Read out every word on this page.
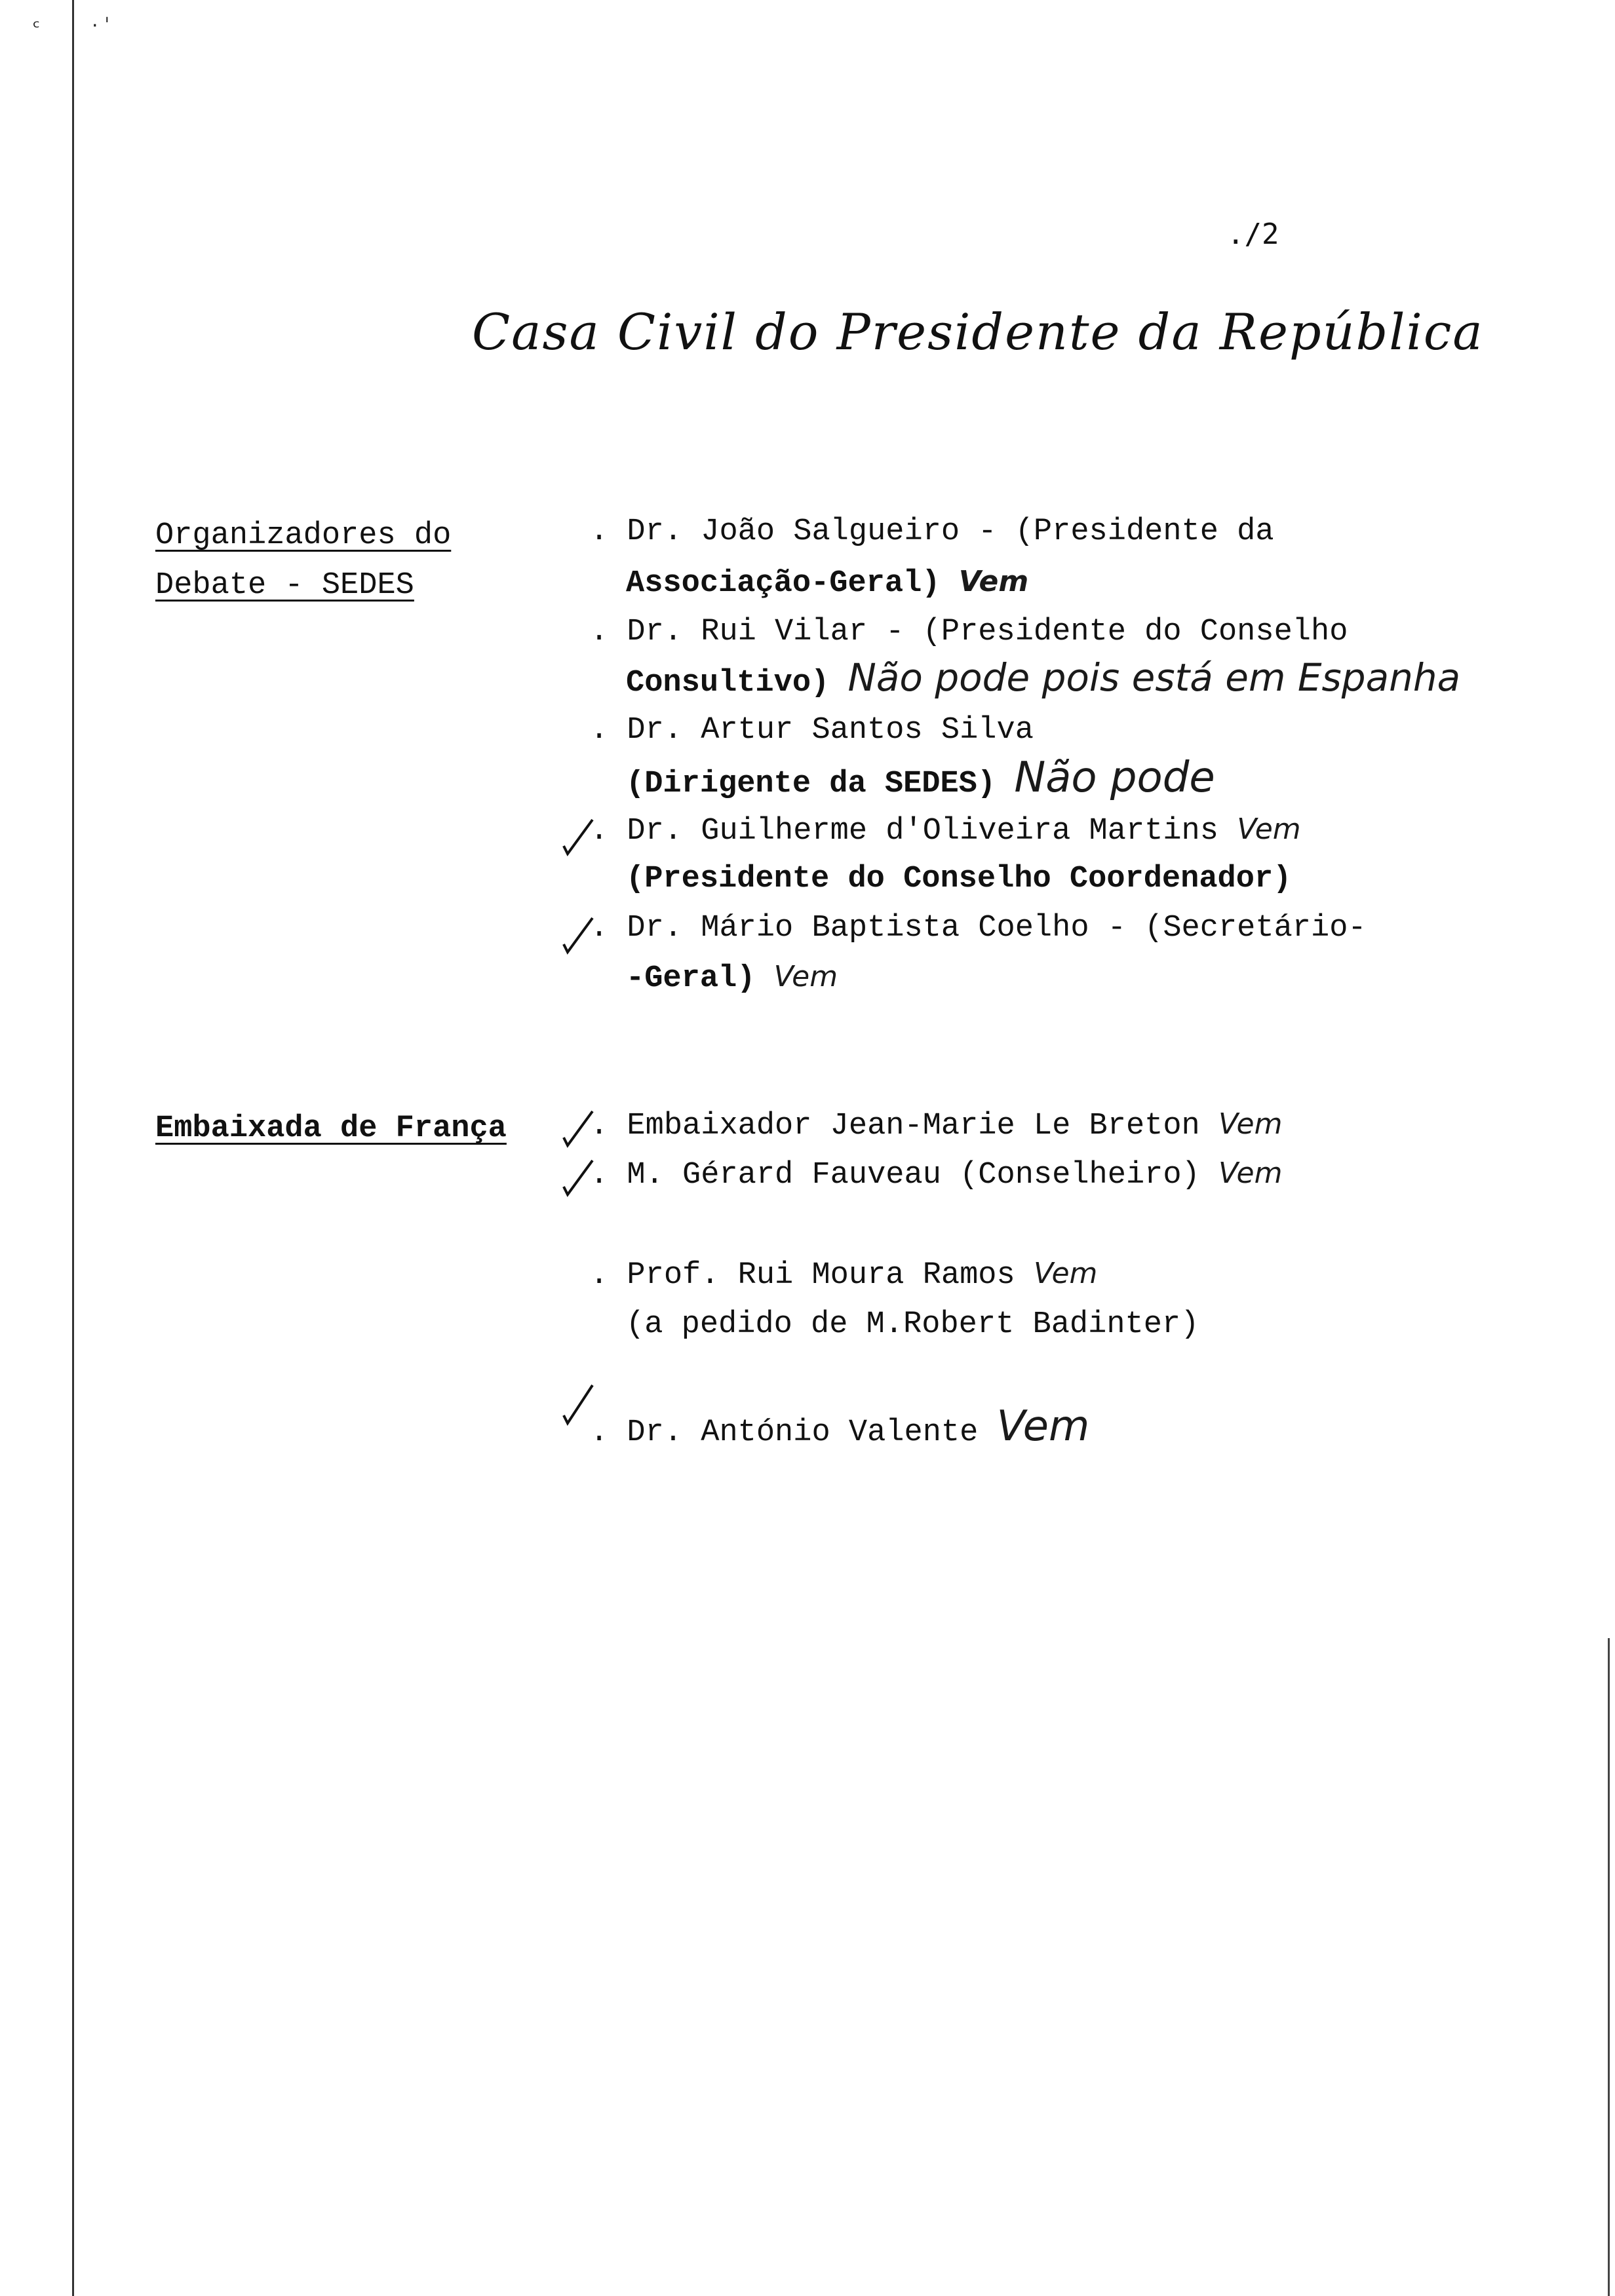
ᶜ	· ˈ
./2
Casa Civil do Presidente da República
Organizadores do
Debate - SEDES
. Dr. João Salgueiro - (Presidente da
Associação-Geral) Vem
. Dr. Rui Vilar - (Presidente do Conselho
Consultivo) Não pode pois está em Espanha
. Dr. Artur Santos Silva
(Dirigente da SEDES) Não pode
. Dr. Guilherme d'Oliveira Martins Vem
(Presidente do Conselho Coordenador)
. Dr. Mário Baptista Coelho - (Secretário-
-Geral) Vem
Embaixada de França	. Embaixador Jean-Marie Le Breton Vem
. M. Gérard Fauveau (Conselheiro) Vem
. Prof. Rui Moura Ramos Vem
(a pedido de M.Robert Badinter)
. Dr. António Valente Vem
